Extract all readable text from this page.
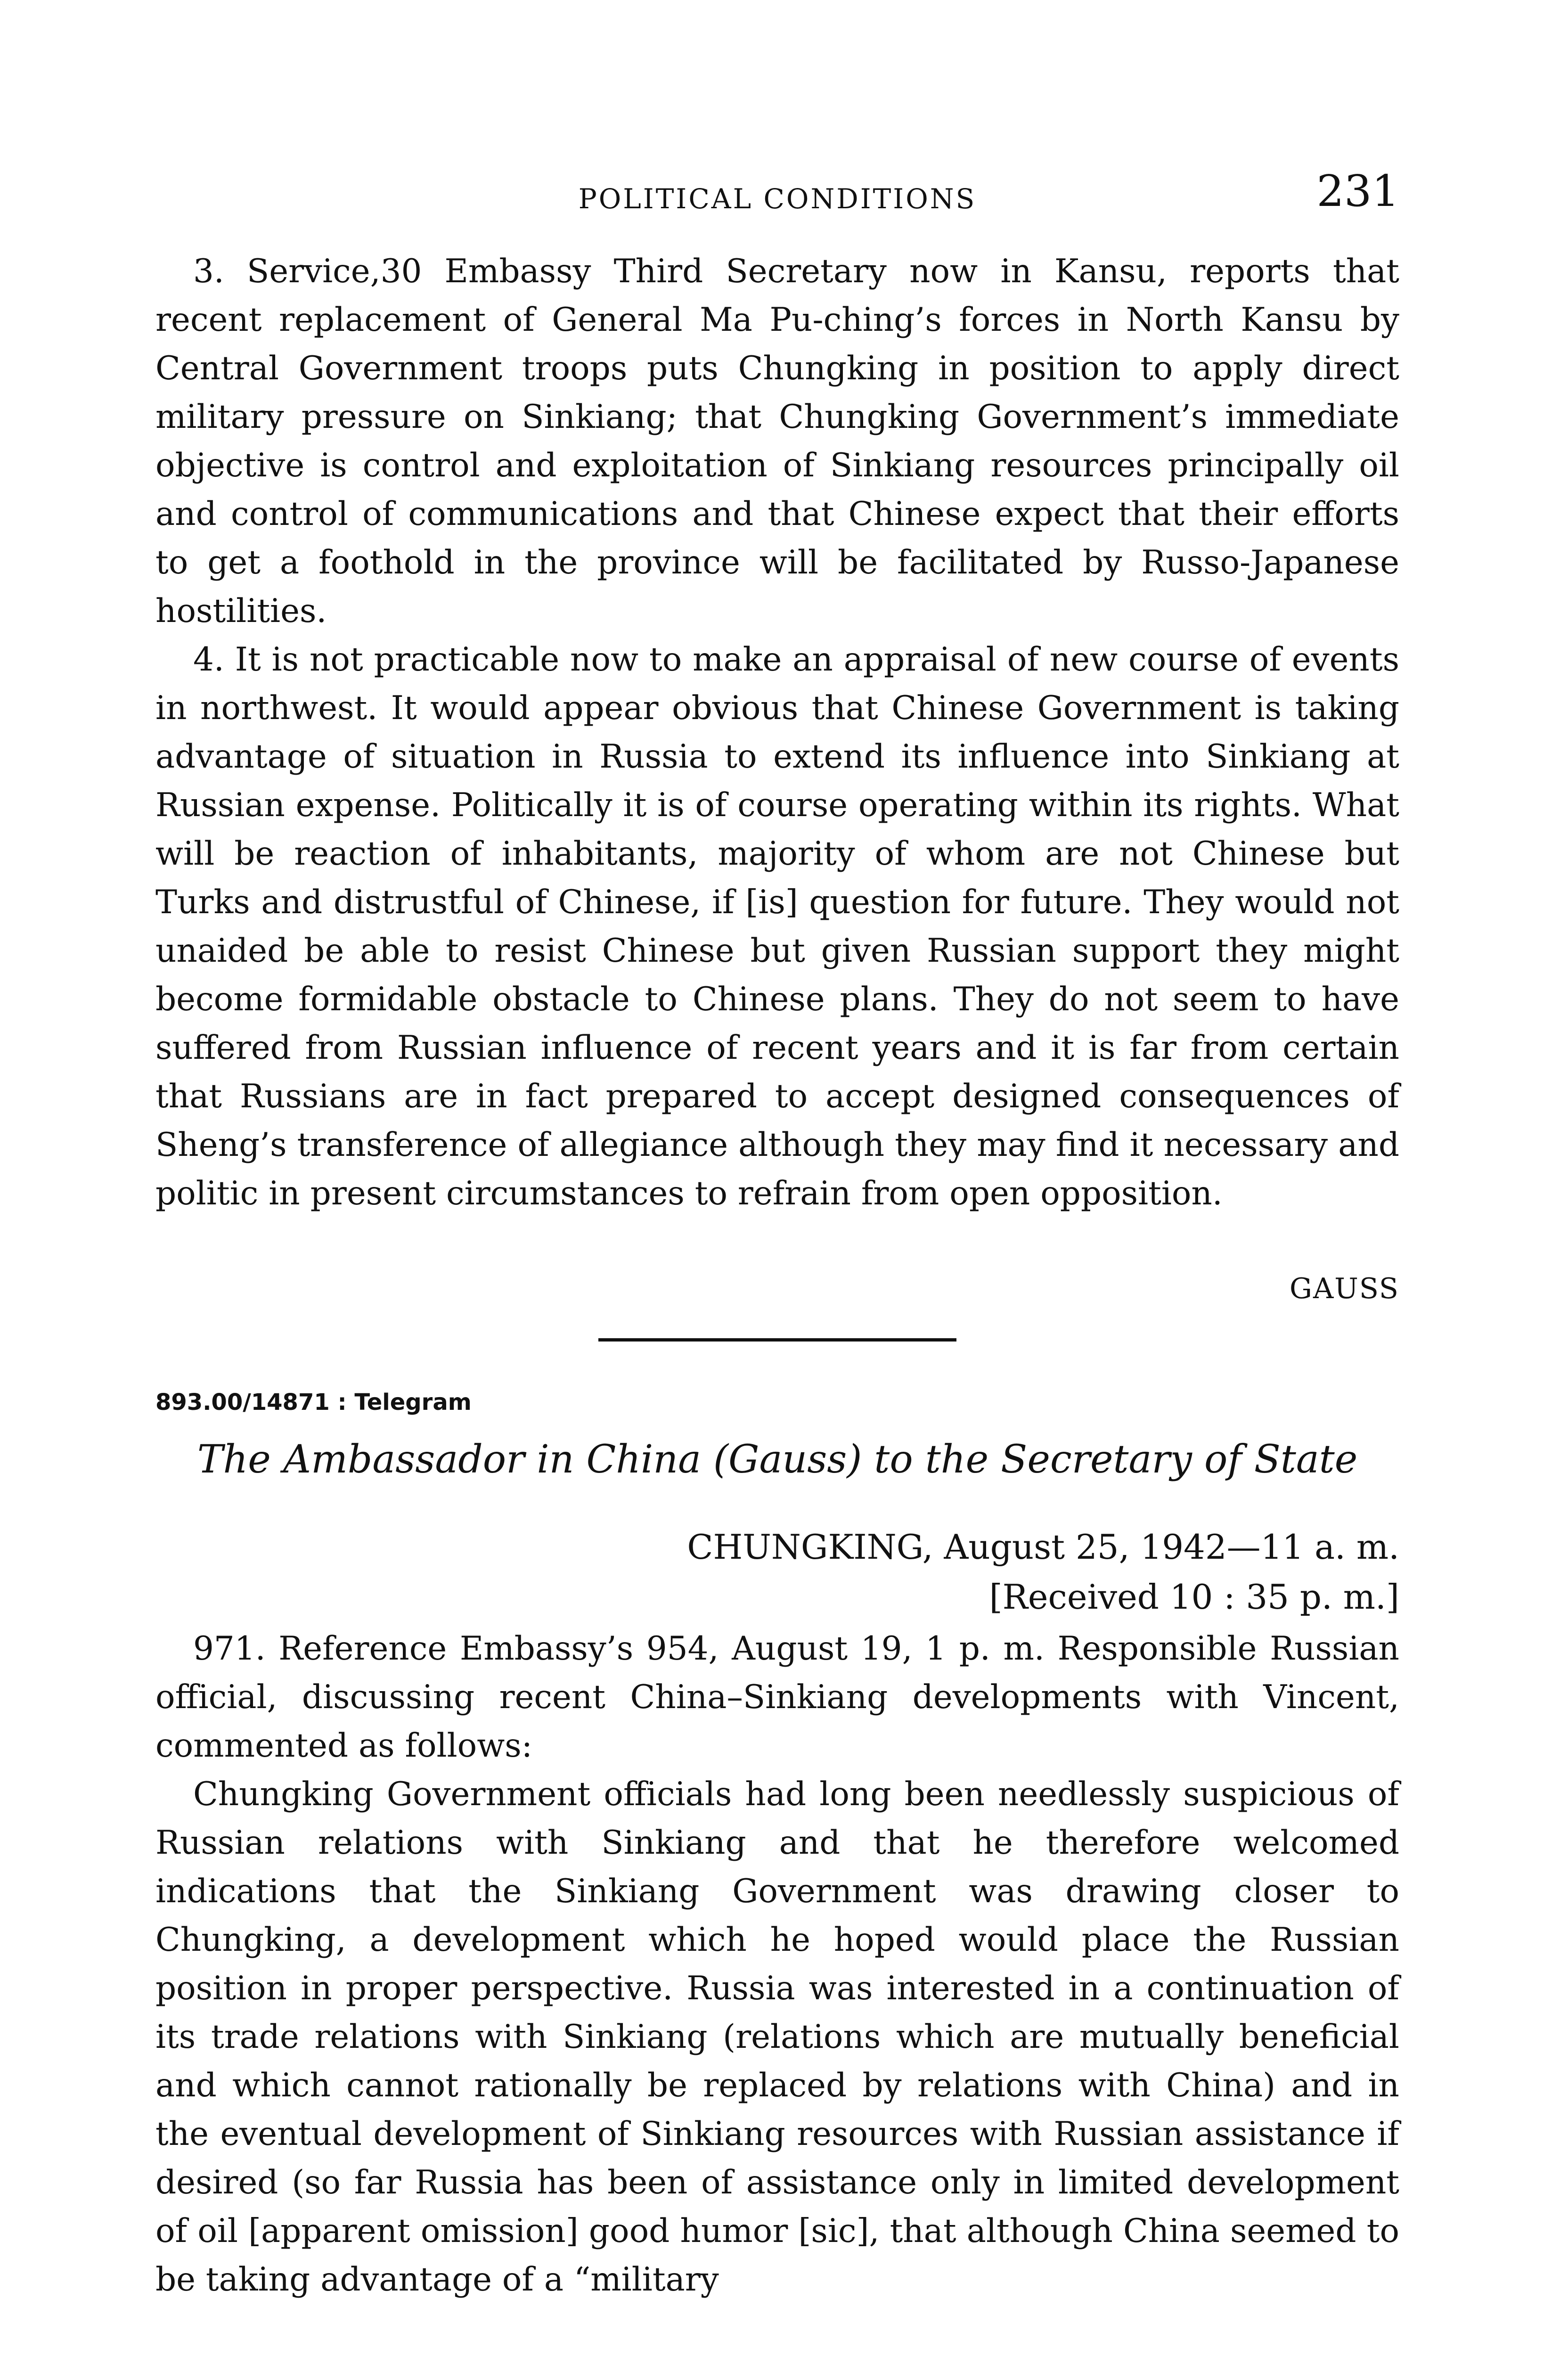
POLITICAL CONDITIONS	231

3. Service,30 Embassy Third Secretary now in Kansu, reports that recent replacement of General Ma Pu-ching’s forces in North Kansu by Central Government troops puts Chungking in position to apply direct military pressure on Sinkiang; that Chungking Government’s immediate objective is control and exploitation of Sinkiang resources principally oil and control of communications and that Chinese expect that their efforts to get a foothold in the province will be facilitated by Russo-Japanese hostilities.

4. It is not practicable now to make an appraisal of new course of events in northwest. It would appear obvious that Chinese Government is taking advantage of situation in Russia to extend its influence into Sinkiang at Russian expense. Politically it is of course operating within its rights. What will be reaction of inhabitants, majority of whom are not Chinese but Turks and distrustful of Chinese, if [is] question for future. They would not unaided be able to resist Chinese but given Russian support they might become formidable obstacle to Chinese plans. They do not seem to have suffered from Russian influence of recent years and it is far from certain that Russians are in fact prepared to accept designed consequences of Sheng’s transference of allegiance although they may find it necessary and politic in present circumstances to refrain from open opposition.

GAUSS
893.00/14871 : Telegram
The Ambassador in China (Gauss) to the Secretary of State
CHUNGKING, August 25, 1942—11 a. m.
[Received 10 : 35 p. m.]

971. Reference Embassy’s 954, August 19, 1 p. m. Responsible Russian official, discussing recent China–Sinkiang developments with Vincent, commented as follows:

Chungking Government officials had long been needlessly suspicious of Russian relations with Sinkiang and that he therefore welcomed indications that the Sinkiang Government was drawing closer to Chungking, a development which he hoped would place the Russian position in proper perspective. Russia was interested in a continuation of its trade relations with Sinkiang (relations which are mutually beneficial and which cannot rationally be replaced by relations with China) and in the eventual development of Sinkiang resources with Russian assistance if desired (so far Russia has been of assistance only in limited development of oil [apparent omission] good humor [sic], that although China seemed to be taking advantage of a “military
